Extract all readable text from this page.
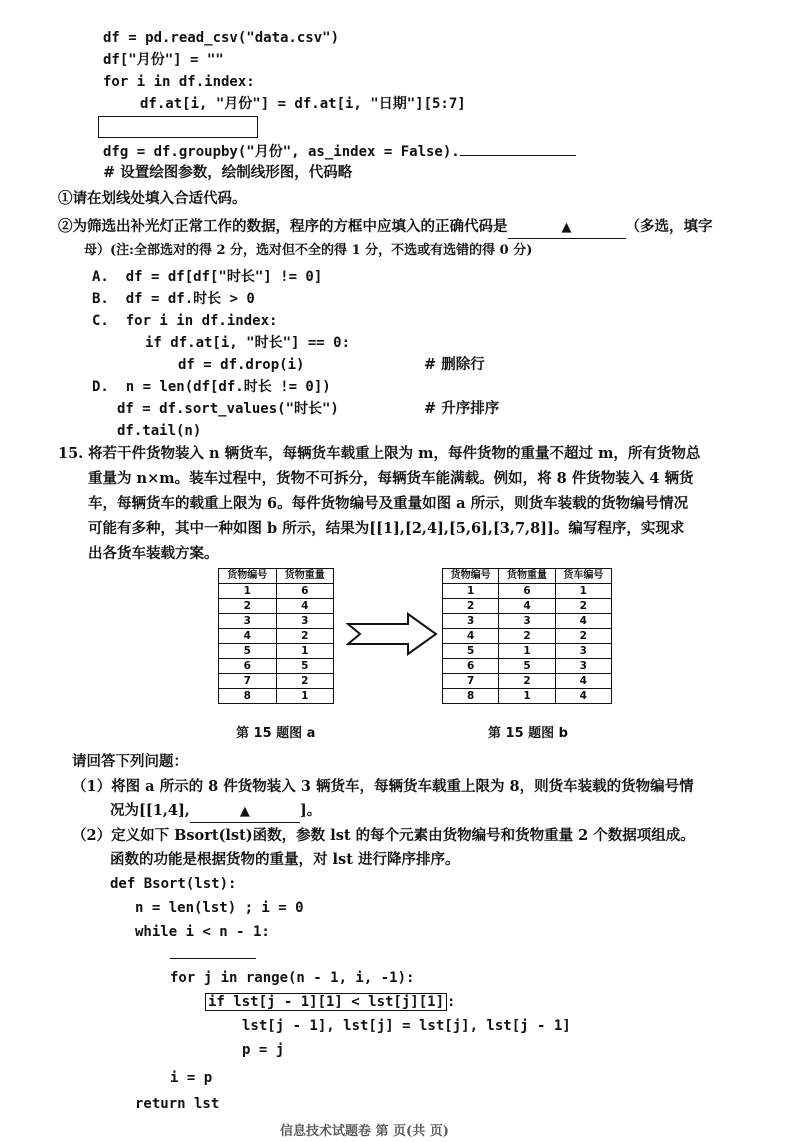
df = pd.read_csv("data.csv")
df["月份"] = ""
for i in df.index:
df.at[i, "月份"] = df.at[i, "日期"][5:7]
dfg = df.groupby("月份", as_index = False).
# 设置绘图参数，绘制线形图，代码略
①请在划线处填入合适代码。
②为筛选出补光灯正常工作的数据，程序的方框中应填入的正确代码是	▲	（多选，填字
母）(注:全部选对的得 2 分，选对但不全的得 1 分，不选或有选错的得 0 分)
A.  df = df[df["时长"] != 0]
B.  df = df.时长 > 0
C.  for i in df.index:
if df.at[i, "时长"] == 0:
df = df.drop(i)	# 删除行
D.  n = len(df[df.时长 != 0])
df = df.sort_values("时长")	# 升序排序
df.tail(n)
15. 将若干件货物装入 n 辆货车，每辆货车载重上限为 m，每件货物的重量不超过 m，所有货物总
重量为 n×m。装车过程中，货物不可拆分，每辆货车能满载。例如，将 8 件货物装入 4 辆货
车，每辆货车的载重上限为 6。每件货物编号及重量如图 a 所示，则货车装载的货物编号情况
可能有多种，其中一种如图 b 所示，结果为[[1],[2,4],[5,6],[3,7,8]]。编写程序，实现求
出各货车装载方案。
货物编号	货物重量
1	6
2	4
3	3
4	2
5	1
6	5
7	2
8	1
货物编号	货物重量	货车编号
1	6	1
2	4	2
3	3	4
4	2	2
5	1	3
6	5	3
7	2	4
8	1	4
第 15 题图 a	第 15 题图 b
请回答下列问题：
（1）将图 a 所示的 8 件货物装入 3 辆货车，每辆货车载重上限为 8，则货车装载的货物编号情
况为[[1,4],	▲	]。
（2）定义如下 Bsort(lst)函数，参数 lst 的每个元素由货物编号和货物重量 2 个数据项组成。
函数的功能是根据货物的重量，对 lst 进行降序排序。
def Bsort(lst):
n = len(lst) ; i = 0
while i < n - 1:
for j in range(n - 1, i, -1):
if lst[j - 1][1] < lst[j][1] :
lst[j - 1], lst[j] = lst[j], lst[j - 1]
p = j
i = p
return lst
信息技术试题卷 第 页(共 页)
